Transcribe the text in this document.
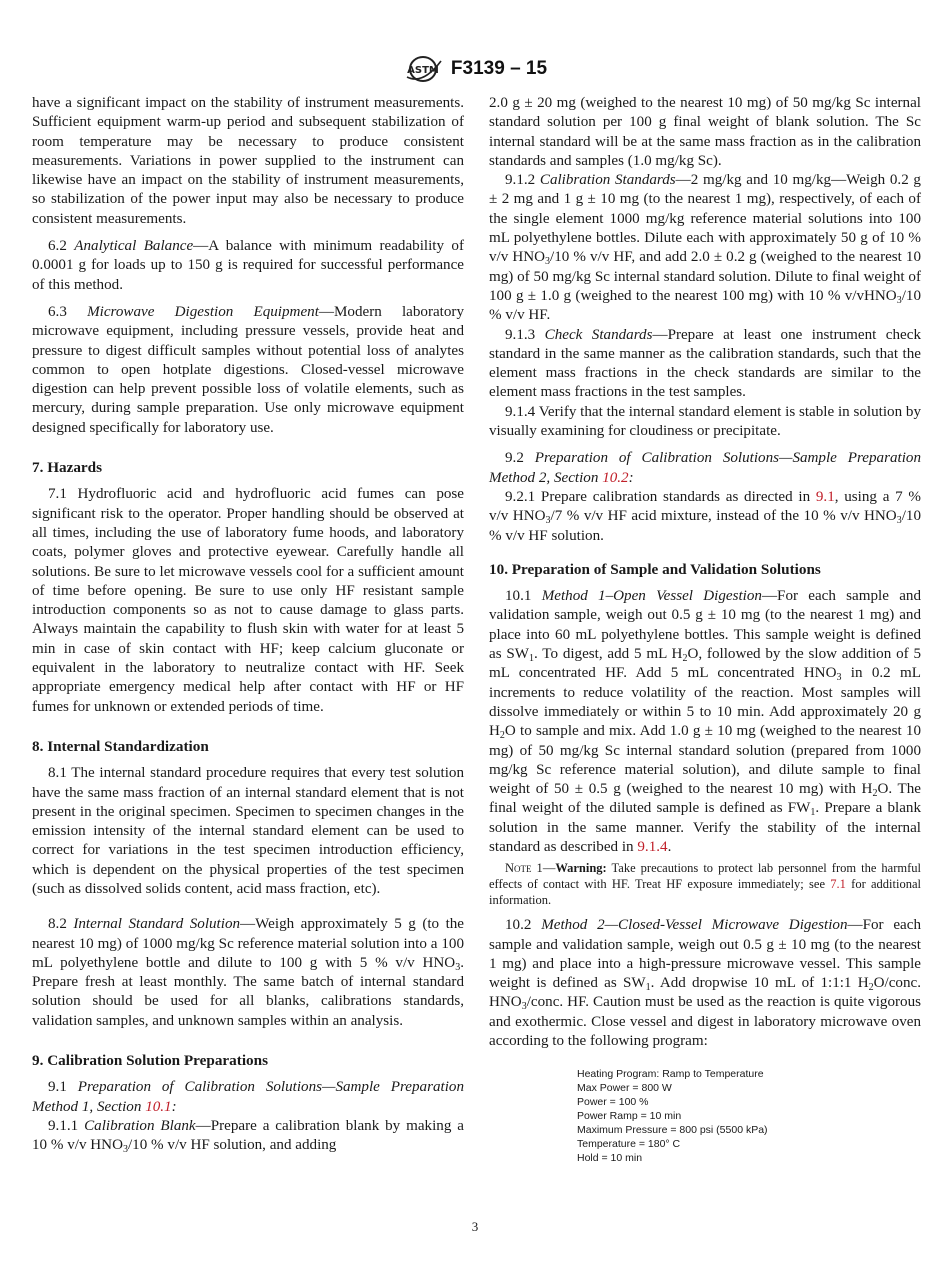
ASTM F3139 – 15

have a significant impact on the stability of instrument measurements. Sufficient equipment warm-up period and subsequent stabilization of room temperature may be necessary to produce consistent measurements. Variations in power supplied to the instrument can likewise have an impact on the stability of instrument measurements, so stabilization of the power input may also be necessary to produce consistent measurements.

6.2 Analytical Balance—A balance with minimum readability of 0.0001 g for loads up to 150 g is required for successful performance of this method.

6.3 Microwave Digestion Equipment—Modern laboratory microwave equipment, including pressure vessels, provide heat and pressure to digest difficult samples without potential loss of analytes common to open hotplate digestions. Closed-vessel microwave digestion can help prevent possible loss of volatile elements, such as mercury, during sample preparation. Use only microwave equipment designed specifically for laboratory use.

7. Hazards

7.1 Hydrofluoric acid and hydrofluoric acid fumes can pose significant risk to the operator. Proper handling should be observed at all times, including the use of laboratory fume hoods, and laboratory coats, polymer gloves and protective eyewear. Carefully handle all solutions. Be sure to let microwave vessels cool for a sufficient amount of time before opening. Be sure to use only HF resistant sample introduction components so as not to cause damage to glass parts. Always maintain the capability to flush skin with water for at least 5 min in case of skin contact with HF; keep calcium gluconate or equivalent in the laboratory to neutralize contact with HF. Seek appropriate emergency medical help after contact with HF or HF fumes for unknown or extended periods of time.

8. Internal Standardization

8.1 The internal standard procedure requires that every test solution have the same mass fraction of an internal standard element that is not present in the original specimen. Specimen to specimen changes in the emission intensity of the internal standard element can be used to correct for variations in the test specimen introduction efficiency, which is dependent on the physical properties of the test specimen (such as dissolved solids content, acid mass fraction, etc).

8.2 Internal Standard Solution—Weigh approximately 5 g (to the nearest 10 mg) of 1000 mg/kg Sc reference material solution into a 100 mL polyethylene bottle and dilute to 100 g with 5 % v/v $HNO_3$. Prepare fresh at least monthly. The same batch of internal standard solution should be used for all blanks, calibrations standards, validation samples, and unknown samples within an analysis.

9. Calibration Solution Preparations

9.1 Preparation of Calibration Solutions—Sample Preparation Method 1, Section 10.1:

9.1.1 Calibration Blank—Prepare a calibration blank by making a 10 % v/v $HNO_3/10$ % v/v HF solution, and adding

2.0 g ± 20 mg (weighed to the nearest 10 mg) of 50 mg/kg Sc internal standard solution per 100 g final weight of blank solution. The Sc internal standard will be at the same mass fraction as in the calibration standards and samples (1.0 mg/kg Sc).

9.1.2 Calibration Standards—2 mg/kg and 10 mg/kg—Weigh 0.2 g ± 2 mg and 1 g ± 10 mg (to the nearest 1 mg), respectively, of each of the single element 1000 mg/kg reference material solutions into 100 mL polyethylene bottles. Dilute each with approximately 50 g of 10 % v/v $HNO_3/10$ % v/v HF, and add 2.0 ± 0.2 g (weighed to the nearest 10 mg) of 50 mg/kg Sc internal standard solution. Dilute to final weight of 100 g ± 1.0 g (weighed to the nearest 100 mg) with 10 % v/vHNO$_3$/10 % v/v HF.

9.1.3 Check Standards—Prepare at least one instrument check standard in the same manner as the calibration standards, such that the element mass fractions in the check standards are similar to the element mass fractions in the test samples.

9.1.4 Verify that the internal standard element is stable in solution by visually examining for cloudiness or precipitate.

9.2 Preparation of Calibration Solutions—Sample Preparation Method 2, Section 10.2:

9.2.1 Prepare calibration standards as directed in 9.1, using a 7 % v/v $HNO_3/7$ % v/v HF acid mixture, instead of the 10 % v/v $HNO_3/10$ % v/v HF solution.

10. Preparation of Sample and Validation Solutions

10.1 Method 1–Open Vessel Digestion—For each sample and validation sample, weigh out 0.5 g ± 10 mg (to the nearest 1 mg) and place into 60 mL polyethylene bottles. This sample weight is defined as $SW_1$. To digest, add 5 mL $H_2O$, followed by the slow addition of 5 mL concentrated HF. Add 5 mL concentrated $HNO_3$ in 0.2 mL increments to reduce volatility of the reaction. Most samples will dissolve immediately or within 5 to 10 min. Add approximately 20 g $H_2O$ to sample and mix. Add 1.0 g ± 10 mg (weighed to the nearest 10 mg) of 50 mg/kg Sc internal standard solution (prepared from 1000 mg/kg Sc reference material solution), and dilute sample to final weight of 50 ± 0.5 g (weighed to the nearest 10 mg) with $H_2O$. The final weight of the diluted sample is defined as $FW_1$. Prepare a blank solution in the same manner. Verify the stability of the internal standard as described in 9.1.4.

Note 1—Warning: Take precautions to protect lab personnel from the harmful effects of contact with HF. Treat HF exposure immediately; see 7.1 for additional information.

10.2 Method 2—Closed-Vessel Microwave Digestion—For each sample and validation sample, weigh out 0.5 g ± 10 mg (to the nearest 1 mg) and place into a high-pressure microwave vessel. This sample weight is defined as $SW_1$. Add dropwise 10 mL of 1:1:1 $H_2O$/conc. $HNO_3$/conc. HF. Caution must be used as the reaction is quite vigorous and exothermic. Close vessel and digest in laboratory microwave oven according to the following program:

Heating Program: Ramp to Temperature
Max Power = 800 W
Power = 100 %
Power Ramp = 10 min
Maximum Pressure = 800 psi (5500 kPa)
Temperature = 180° C
Hold = 10 min
3
